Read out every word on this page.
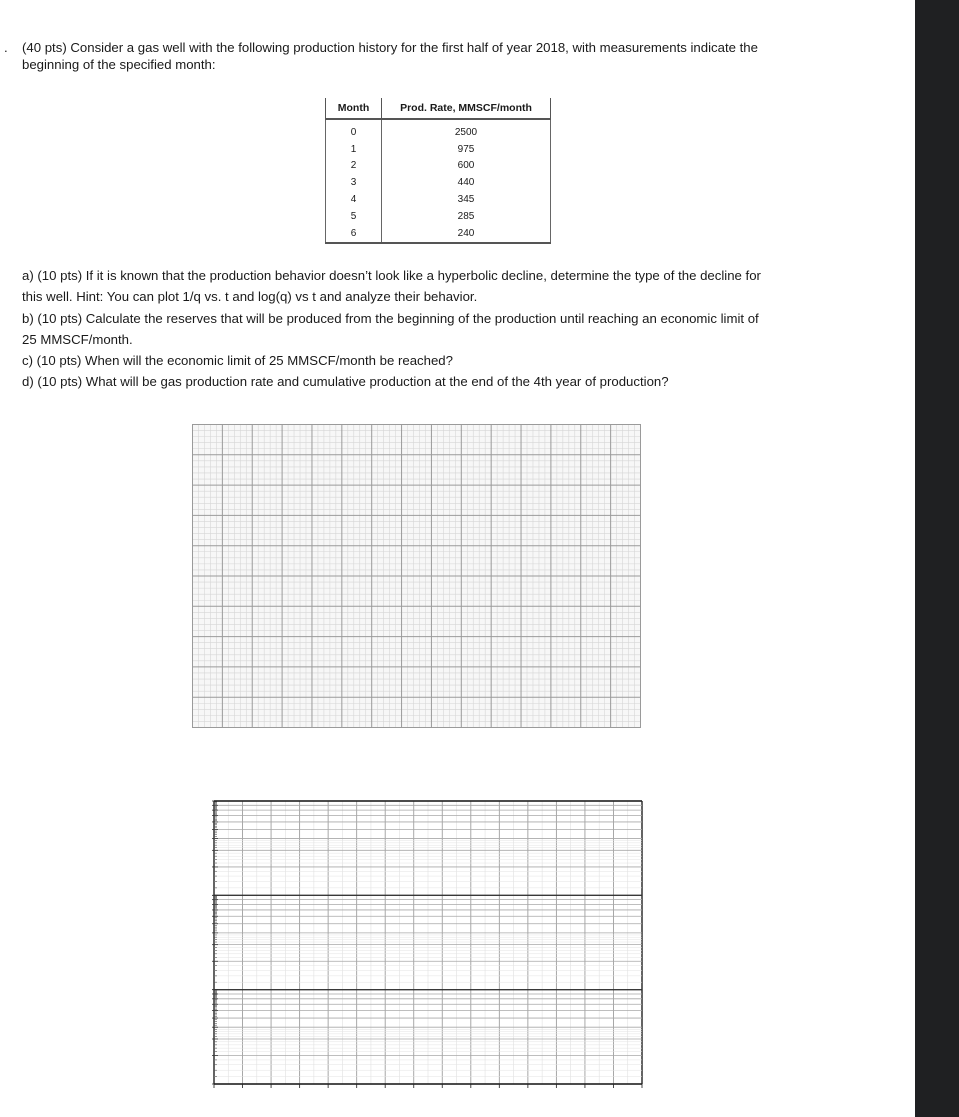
. (40 pts) Consider a gas well with the following production history for the first half of year 2018, with measurements indicate the
beginning of the specified month:
Month	Prod. Rate, MMSCF/month
0	2500
1	975
2	600
3	440
4	345
5	285
6	240

a) (10 pts) If it is known that the production behavior doesn’t look like a hyperbolic decline, determine the type of the decline for

this well. Hint: You can plot 1/q vs. t and log(q) vs t and analyze their behavior.

b) (10 pts) Calculate the reserves that will be produced from the beginning of the production until reaching an economic limit of

25 MMSCF/month.

c) (10 pts) When will the economic limit of 25 MMSCF/month be reached?

d) (10 pts) What will be gas production rate and cumulative production at the end of the 4th year of production?
